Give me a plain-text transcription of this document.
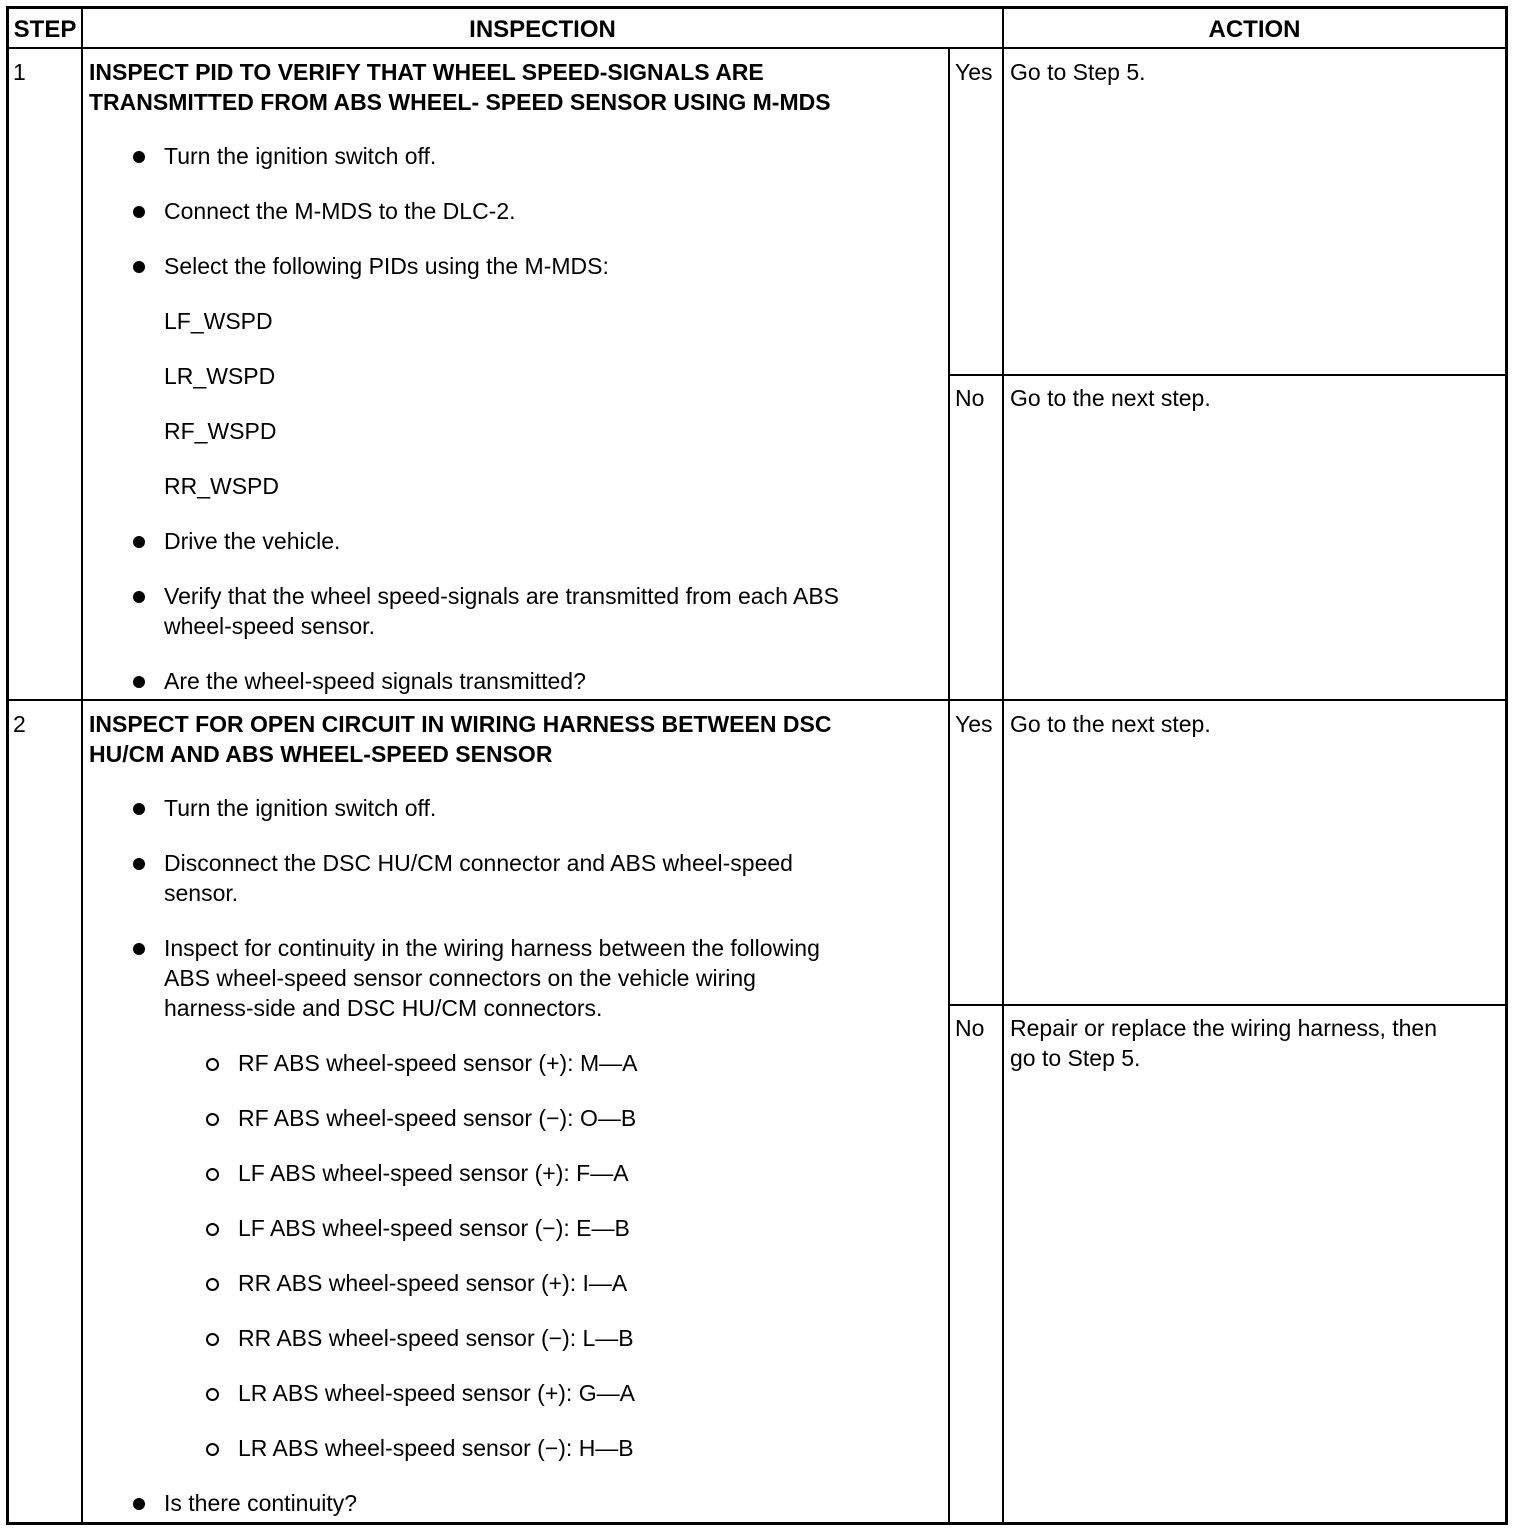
STEP	INSPECTION	ACTION
1	INSPECT PID TO VERIFY THAT WHEEL SPEED-SIGNALS ARE
TRANSMITTED FROM ABS WHEEL- SPEED SENSOR USING M-MDS
Turn the ignition switch off.
Connect the M-MDS to the DLC-2.
Select the following PIDs using the M-MDS:
LF_WSPD
LR_WSPD
RF_WSPD
RR_WSPD
Drive the vehicle.
Verify that the wheel speed-signals are transmitted from each ABS
wheel-speed sensor.
Are the wheel-speed signals transmitted?
Yes Go to Step 5.
No Go to the next step.
2	INSPECT FOR OPEN CIRCUIT IN WIRING HARNESS BETWEEN DSC
HU/CM AND ABS WHEEL-SPEED SENSOR
Turn the ignition switch off.
Disconnect the DSC HU/CM connector and ABS wheel-speed
sensor.
Inspect for continuity in the wiring harness between the following
ABS wheel-speed sensor connectors on the vehicle wiring
harness-side and DSC HU/CM connectors.
RF ABS wheel-speed sensor (+): M—A
RF ABS wheel-speed sensor (−): O—B
LF ABS wheel-speed sensor (+): F—A
LF ABS wheel-speed sensor (−): E—B
RR ABS wheel-speed sensor (+): I—A
RR ABS wheel-speed sensor (−): L—B
LR ABS wheel-speed sensor (+): G—A
LR ABS wheel-speed sensor (−): H—B
Is there continuity?
Yes Go to the next step.
No Repair or replace the wiring harness, then
go to Step 5.
